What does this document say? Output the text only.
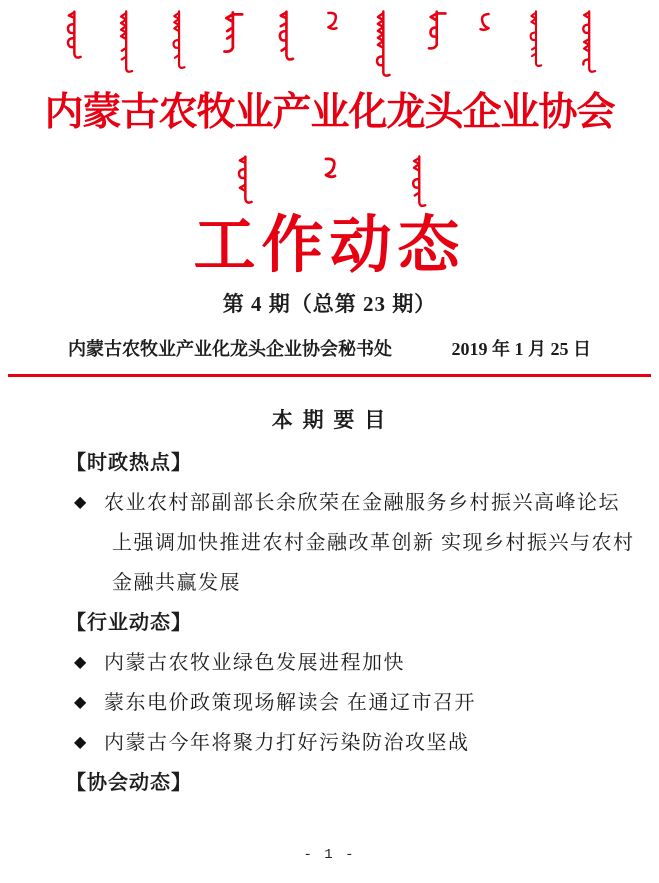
内蒙古农牧业产业化龙头企业协会
工作动态
第 4 期（总第 23 期）
内蒙古农牧业产业化龙头企业协会秘书处	2019 年 1 月 25 日
本 期 要 目
【时政热点】
◆ 农业农村部副部长余欣荣在金融服务乡村振兴高峰论坛
上强调加快推进农村金融改革创新 实现乡村振兴与农村
金融共赢发展
【行业动态】
◆ 内蒙古农牧业绿色发展进程加快
◆ 蒙东电价政策现场解读会 在通辽市召开
◆ 内蒙古今年将聚力打好污染防治攻坚战
【协会动态】
- 1 -
